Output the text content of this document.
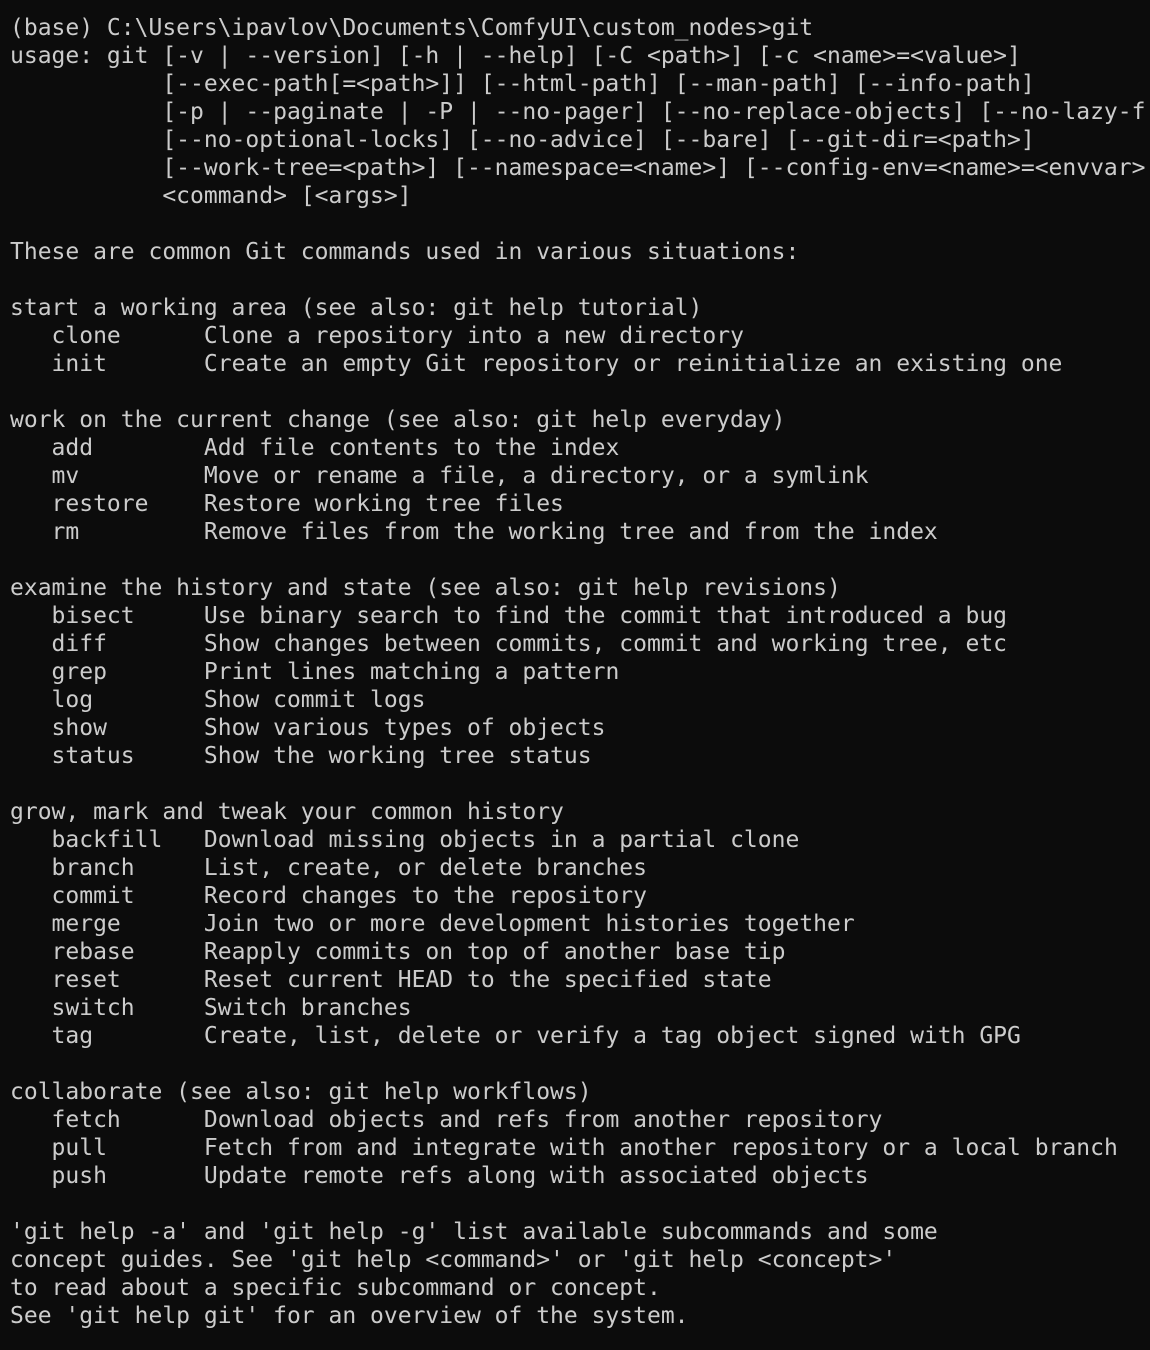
(base) C:\Users\ipavlov\Documents\ComfyUI\custom_nodes>git
usage: git [-v | --version] [-h | --help] [-C <path>] [-c <name>=<value>]
[--exec-path[=<path>]] [--html-path] [--man-path] [--info-path]
[-p | --paginate | -P | --no-pager] [--no-replace-objects] [--no-lazy-f
[--no-optional-locks] [--no-advice] [--bare] [--git-dir=<path>]
[--work-tree=<path>] [--namespace=<name>] [--config-env=<name>=<envvar>
<command> [<args>]
These are common Git commands used in various situations:
start a working area (see also: git help tutorial)
clone      Clone a repository into a new directory
init       Create an empty Git repository or reinitialize an existing one
work on the current change (see also: git help everyday)
add        Add file contents to the index
mv         Move or rename a file, a directory, or a symlink
restore    Restore working tree files
rm         Remove files from the working tree and from the index
examine the history and state (see also: git help revisions)
bisect     Use binary search to find the commit that introduced a bug
diff       Show changes between commits, commit and working tree, etc
grep       Print lines matching a pattern
log        Show commit logs
show       Show various types of objects
status     Show the working tree status
grow, mark and tweak your common history
backfill   Download missing objects in a partial clone
branch     List, create, or delete branches
commit     Record changes to the repository
merge      Join two or more development histories together
rebase     Reapply commits on top of another base tip
reset      Reset current HEAD to the specified state
switch     Switch branches
tag        Create, list, delete or verify a tag object signed with GPG
collaborate (see also: git help workflows)
fetch      Download objects and refs from another repository
pull       Fetch from and integrate with another repository or a local branch
push       Update remote refs along with associated objects
'git help -a' and 'git help -g' list available subcommands and some
concept guides. See 'git help <command>' or 'git help <concept>'
to read about a specific subcommand or concept.
See 'git help git' for an overview of the system.
